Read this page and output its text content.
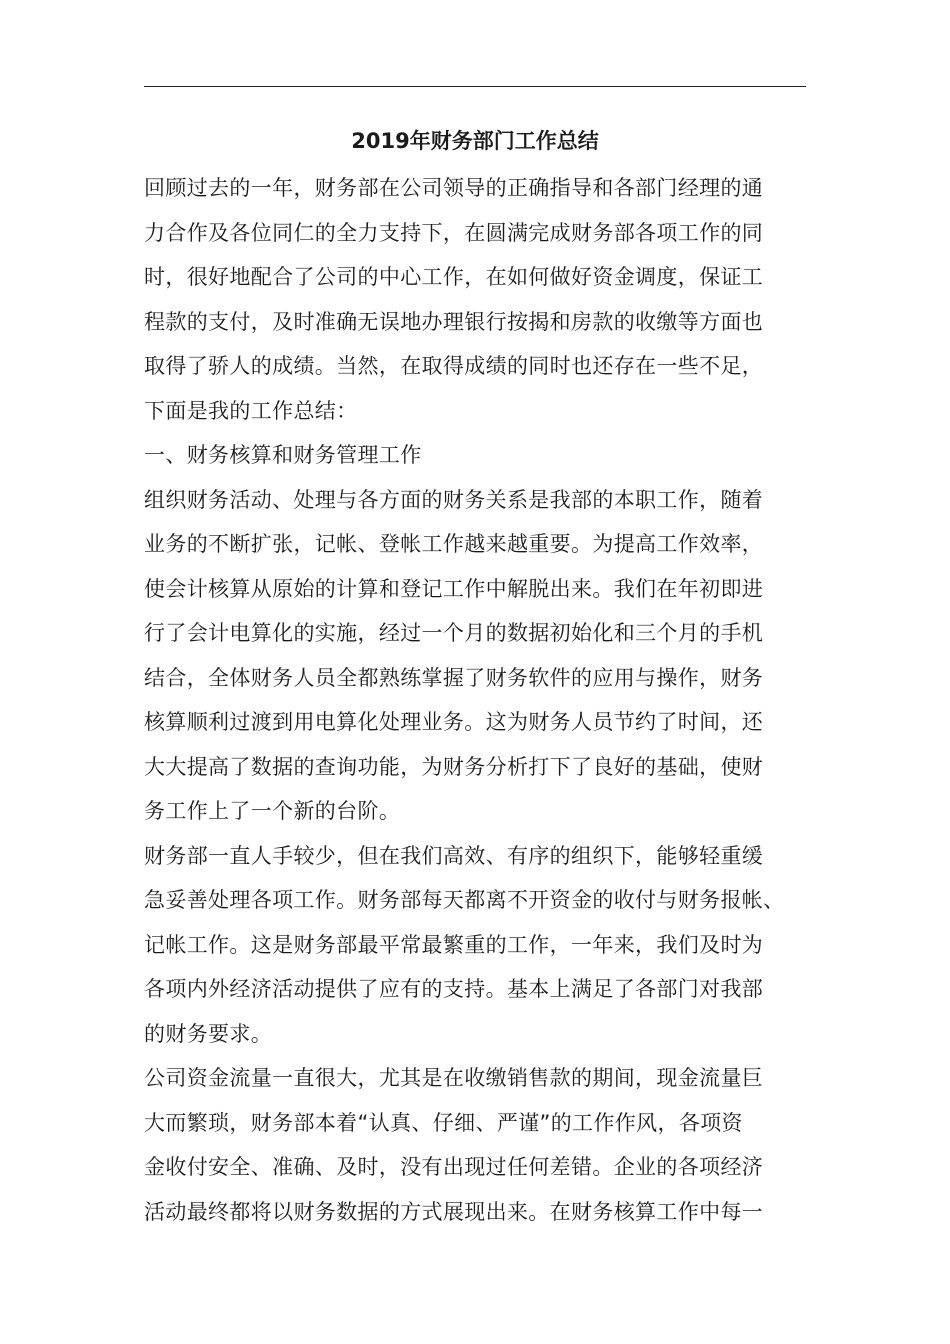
2019年财务部门工作总结
回顾过去的一年，财务部在公司领导的正确指导和各部门经理的通
力合作及各位同仁的全力支持下，在圆满完成财务部各项工作的同
时，很好地配合了公司的中心工作，在如何做好资金调度，保证工
程款的支付，及时准确无误地办理银行按揭和房款的收缴等方面也
取得了骄人的成绩。当然，在取得成绩的同时也还存在一些不足，
下面是我的工作总结：
一、财务核算和财务管理工作
组织财务活动、处理与各方面的财务关系是我部的本职工作，随着
业务的不断扩张，记帐、登帐工作越来越重要。为提高工作效率，
使会计核算从原始的计算和登记工作中解脱出来。我们在年初即进
行了会计电算化的实施，经过一个月的数据初始化和三个月的手机
结合，全体财务人员全都熟练掌握了财务软件的应用与操作，财务
核算顺利过渡到用电算化处理业务。这为财务人员节约了时间，还
大大提高了数据的查询功能，为财务分析打下了良好的基础，使财
务工作上了一个新的台阶。
财务部一直人手较少，但在我们高效、有序的组织下，能够轻重缓
急妥善处理各项工作。财务部每天都离不开资金的收付与财务报帐、
记帐工作。这是财务部最平常最繁重的工作，一年来，我们及时为
各项内外经济活动提供了应有的支持。基本上满足了各部门对我部
的财务要求。
公司资金流量一直很大，尤其是在收缴销售款的期间，现金流量巨
大而繁琐，财务部本着“认真、仔细、严谨”的工作作风，各项资
金收付安全、准确、及时，没有出现过任何差错。企业的各项经济
活动最终都将以财务数据的方式展现出来。在财务核算工作中每一
